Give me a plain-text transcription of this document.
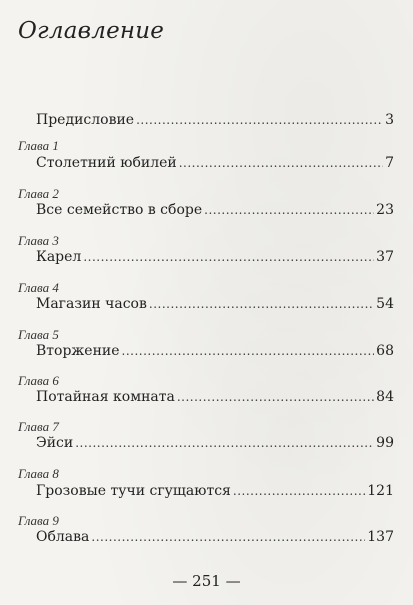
Оглавление
Предисловие .....	3
Глава 1
Столетний юбилей .....	7
Глава 2
Все семейство в сборе .....	23
Глава 3
Карел .....	37
Глава 4
Магазин часов .....	54
Глава 5
Вторжение .....	68
Глава 6
Потайная комната .....	84
Глава 7
Эйси .....	99
Глава 8
Грозовые тучи сгущаются .....	121
Глава 9
Облава .....	137
— 251 —
